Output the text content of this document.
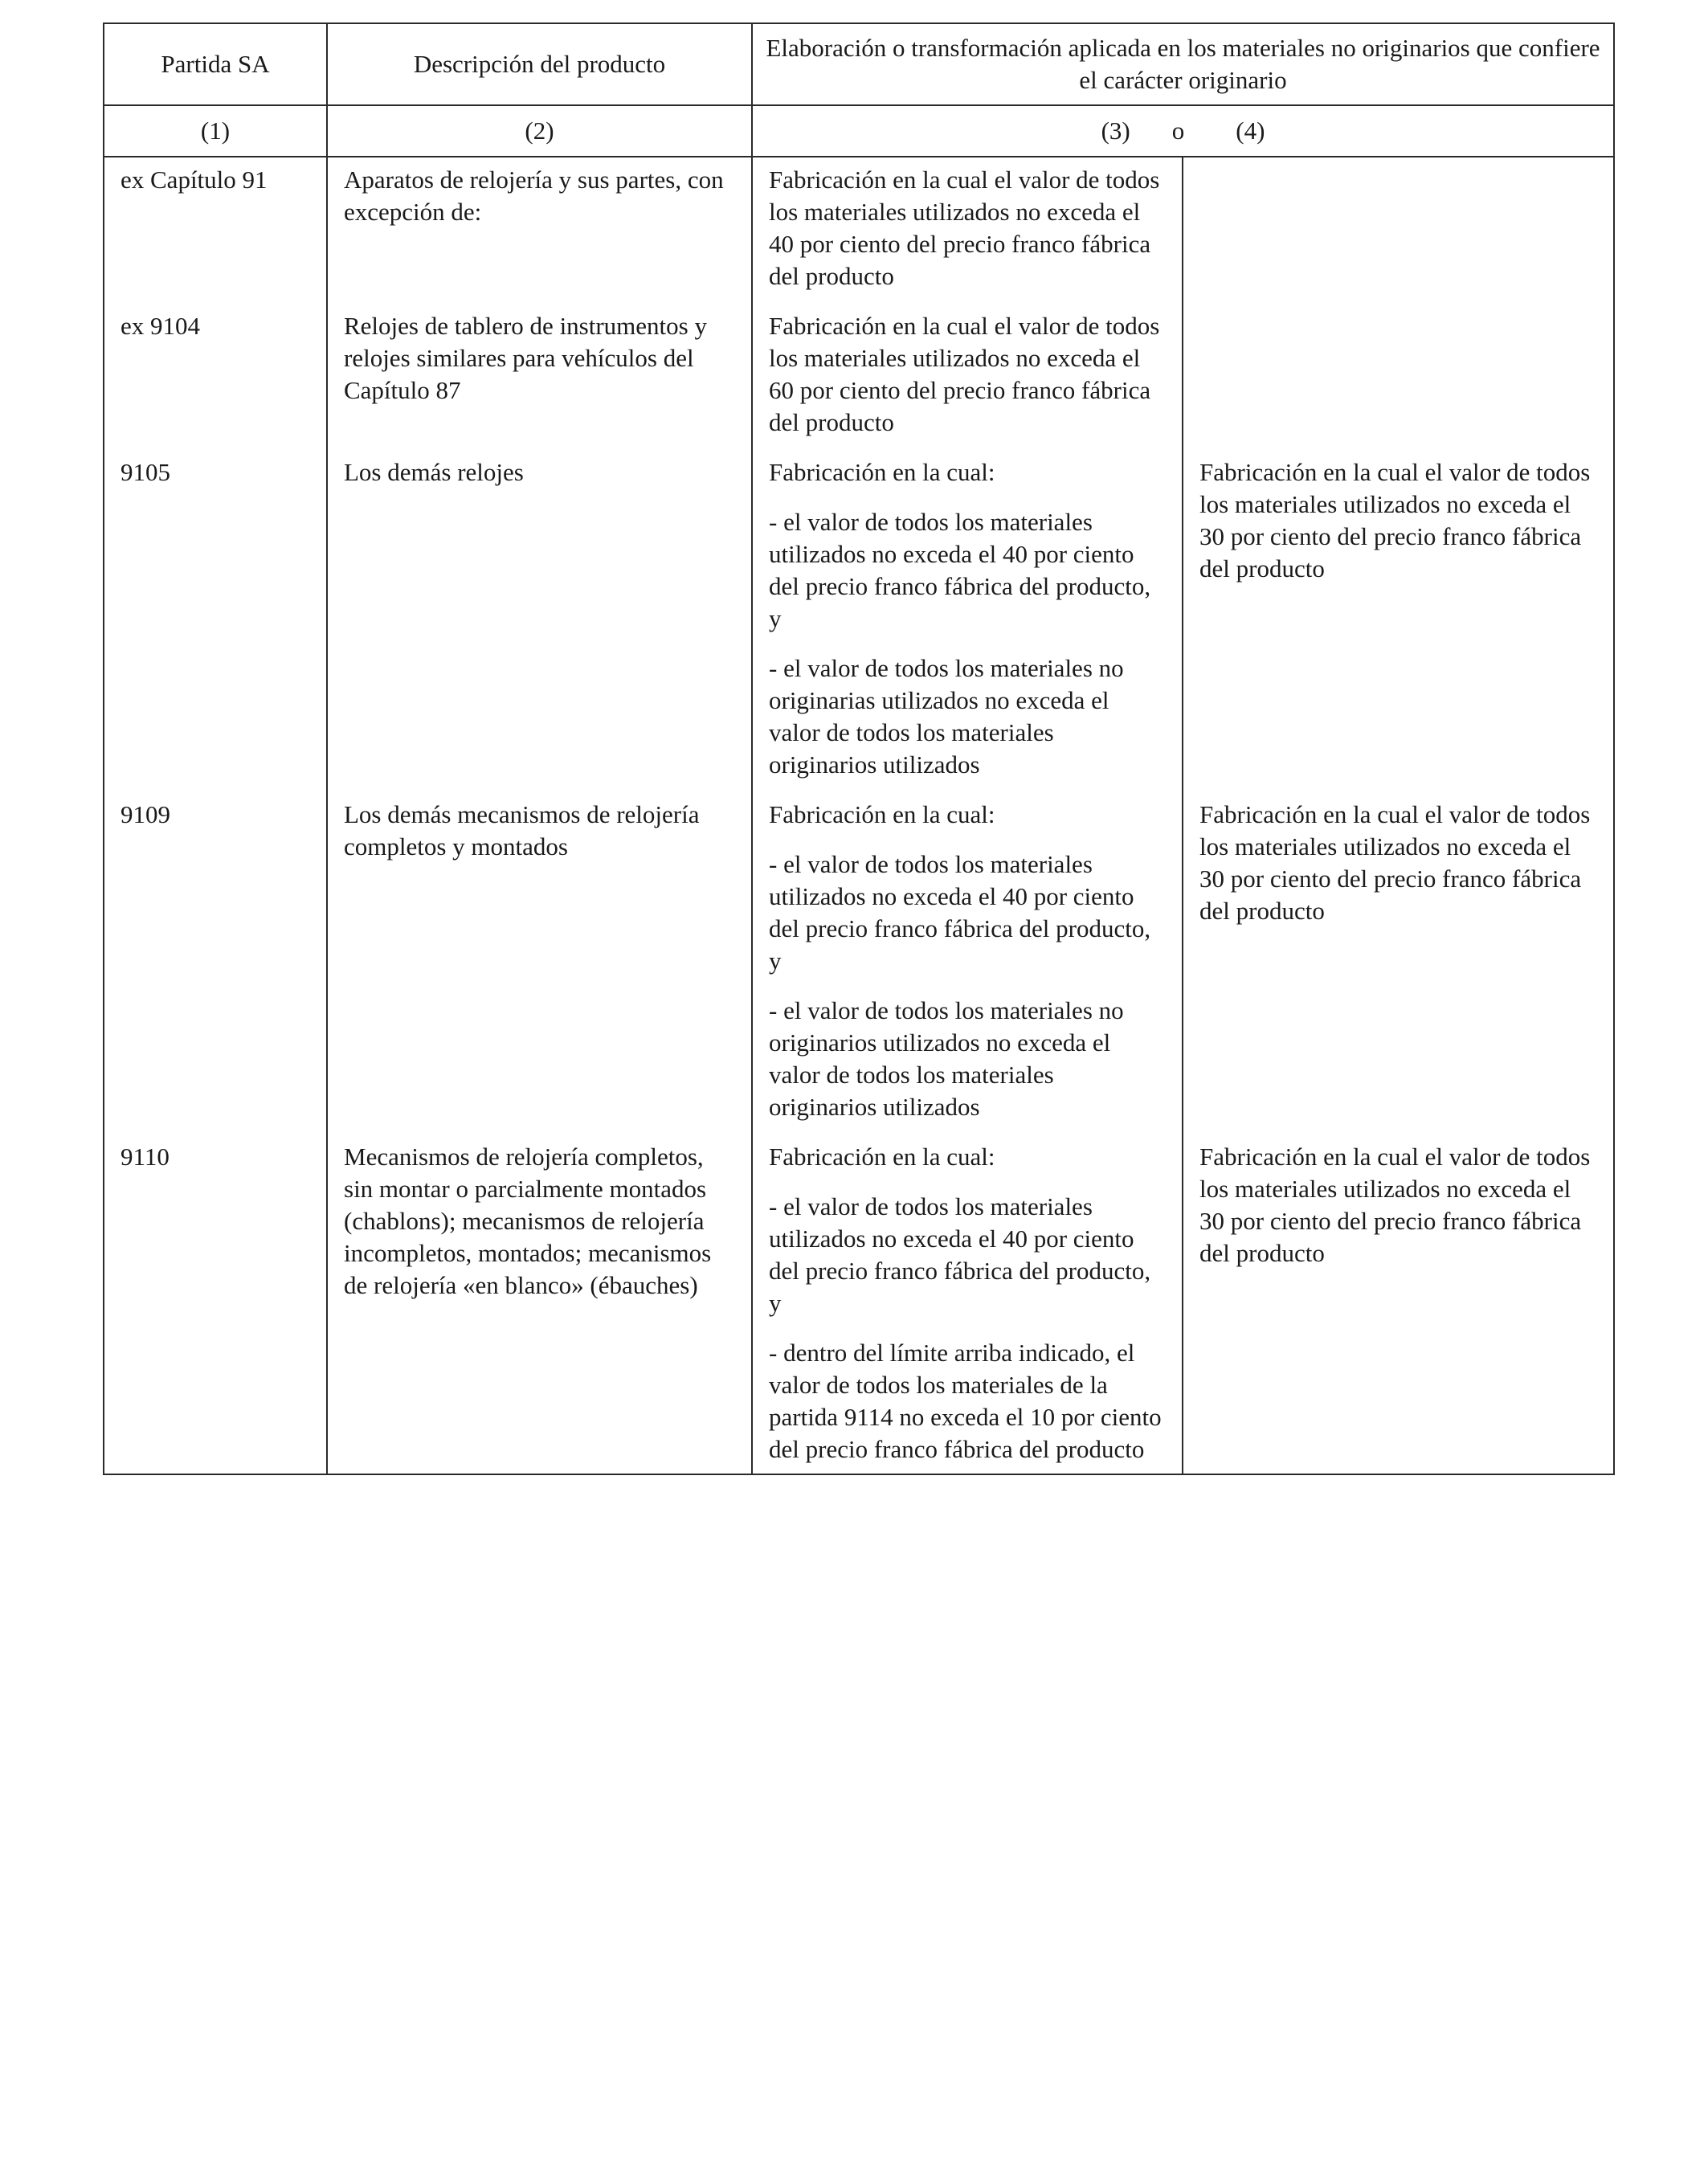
Partida SA	Descripción del producto	Elaboración o transformación aplicada en los materiales no originarios que confiere el carácter originario	
(1)	(2)	(3) o (4)	

ex Capítulo 91	Aparatos de relojería y sus partes, con excepción de:	Fabricación en la cual el valor de todos los materiales utilizados no exceda el 40 por ciento del precio franco fábrica del producto	

ex 9104	Relojes de tablero de instrumentos y relojes similares para vehículos del Capítulo 87	Fabricación en la cual el valor de todos los materiales utilizados no exceda el 60 por ciento del precio franco fábrica del producto	

9105	Los demás relojes	Fabricación en la cual:

- el valor de todos los materiales utilizados no exceda el 40 por ciento del precio franco fábrica del producto, y

- el valor de todos los materiales no originarias utilizados no exceda el valor de todos los materiales originarios utilizados	Fabricación en la cual el valor de todos los materiales utilizados no exceda el 30 por ciento del precio franco fábrica del producto
9109	Los demás mecanismos de relojería completos y montados	Fabricación en la cual:

- el valor de todos los materiales utilizados no exceda el 40 por ciento del precio franco fábrica del producto, y

- el valor de todos los materiales no originarios utilizados no exceda el valor de todos los materiales originarios utilizados	Fabricación en la cual el valor de todos los materiales utilizados no exceda el 30 por ciento del precio franco fábrica del producto
9110	Mecanismos de relojería completos, sin montar o parcialmente montados (chablons); mecanismos de relojería incompletos, montados; mecanismos de relojería «en blanco» (ébauches)	Fabricación en la cual:

- el valor de todos los materiales utilizados no exceda el 40 por ciento del precio franco fábrica del producto, y

- dentro del límite arriba indicado, el valor de todos los materiales de la partida 9114 no exceda el 10 por ciento del precio franco fábrica del producto	Fabricación en la cual el valor de todos los materiales utilizados no exceda el 30 por ciento del precio franco fábrica del producto
